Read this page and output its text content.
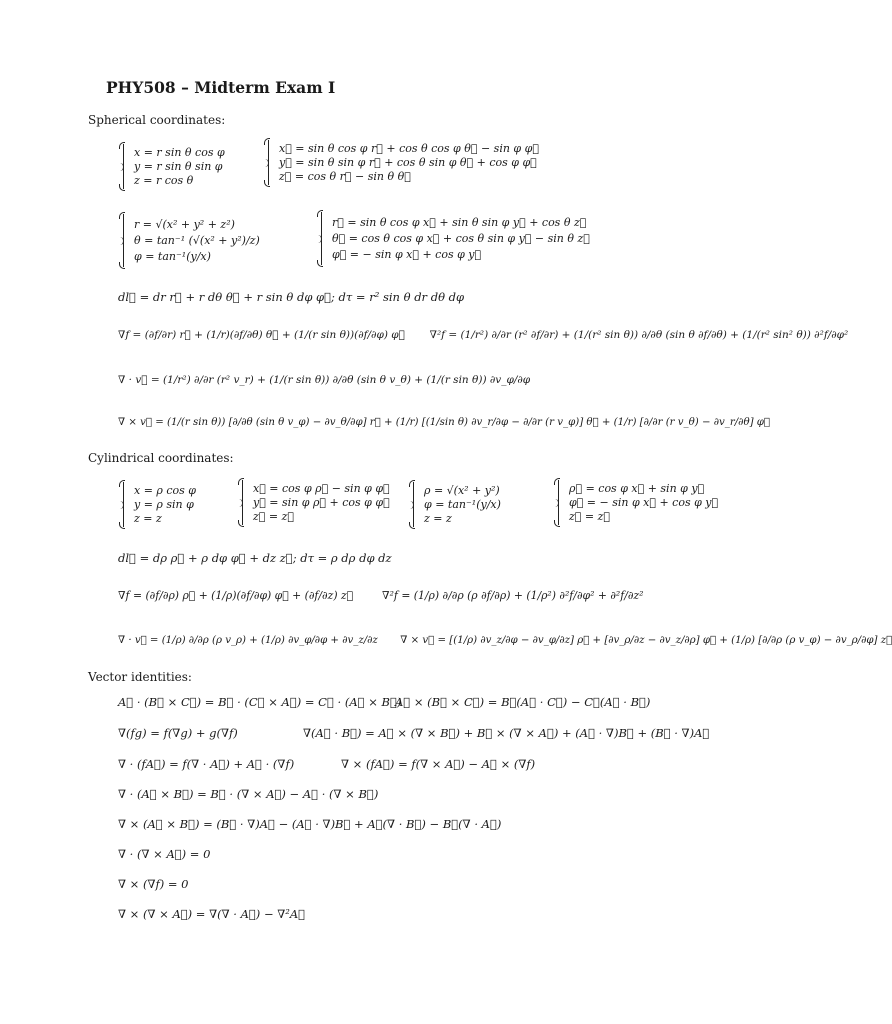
PHY508 – Midterm Exam I
Spherical coordinates:
x = r sin θ cos φ
y = r sin θ sin φ
z = r cos θ
x⃗ = sin θ cos φ r⃗ + cos θ cos φ θ⃗ − sin φ φ⃗
y⃗ = sin θ sin φ r⃗ + cos θ sin φ θ⃗ + cos φ φ⃗
z⃗ = cos θ r⃗ − sin θ θ⃗
r = √(x² + y² + z²)
θ = tan⁻¹ (√(x² + y²)/z)
φ = tan⁻¹(y/x)
r⃗ = sin θ cos φ x⃗ + sin θ sin φ y⃗ + cos θ z⃗
θ⃗ = cos θ cos φ x⃗ + cos θ sin φ y⃗ − sin θ z⃗
φ⃗ = − sin φ x⃗ + cos φ y⃗
dl⃗ = dr r⃗ + r dθ θ⃗ + r sin θ dφ φ⃗; dτ = r² sin θ dr dθ dφ
∇f = (∂f/∂r) r⃗ + (1/r)(∂f/∂θ) θ⃗ + (1/(r sin θ))(∂f/∂φ) φ⃗ ∇²f = (1/r²) ∂/∂r (r² ∂f/∂r) + (1/(r² sin θ)) ∂/∂θ (sin θ ∂f/∂θ) + (1/(r² sin² θ)) ∂²f/∂φ²
∇ · v⃗ = (1/r²) ∂/∂r (r² v_r) + (1/(r sin θ)) ∂/∂θ (sin θ v_θ) + (1/(r sin θ)) ∂v_φ/∂φ
∇ × v⃗ = (1/(r sin θ)) [∂/∂θ (sin θ v_φ) − ∂v_θ/∂φ] r⃗ + (1/r) [(1/sin θ) ∂v_r/∂φ − ∂/∂r (r v_φ)] θ⃗ + (1/r) [∂/∂r (r v_θ) − ∂v_r/∂θ] φ⃗
Cylindrical coordinates:
x = ρ cos φ
y = ρ sin φ
z = z
x⃗ = cos φ ρ⃗ − sin φ φ⃗
y⃗ = sin φ ρ⃗ + cos φ φ⃗
z⃗ = z⃗
ρ = √(x² + y²)
φ = tan⁻¹(y/x)
z = z
ρ⃗ = cos φ x⃗ + sin φ y⃗
φ⃗ = − sin φ x⃗ + cos φ y⃗
z⃗ = z⃗
dl⃗ = dρ ρ⃗ + ρ dφ φ⃗ + dz z⃗; dτ = ρ dρ dφ dz
∇f = (∂f/∂ρ) ρ⃗ + (1/ρ)(∂f/∂φ) φ⃗ + (∂f/∂z) z⃗	∇²f = (1/ρ) ∂/∂ρ (ρ ∂f/∂ρ) + (1/ρ²) ∂²f/∂φ² + ∂²f/∂z²
∇ · v⃗ = (1/ρ) ∂/∂ρ (ρ v_ρ) + (1/ρ) ∂v_φ/∂φ + ∂v_z/∂z ∇ × v⃗ = [(1/ρ) ∂v_z/∂φ − ∂v_φ/∂z] ρ⃗ + [∂v_ρ/∂z − ∂v_z/∂ρ] φ⃗ + (1/ρ) [∂/∂ρ (ρ v_φ) − ∂v_ρ/∂φ] z⃗
Vector identities:
A⃗ · (B⃗ × C⃗) = B⃗ · (C⃗ × A⃗) = C⃗ · (A⃗ × B⃗)
A⃗ × (B⃗ × C⃗) = B⃗(A⃗ · C⃗) − C⃗(A⃗ · B⃗)
∇(fg) = f(∇g) + g(∇f)	∇(A⃗ · B⃗) = A⃗ × (∇ × B⃗) + B⃗ × (∇ × A⃗) + (A⃗ · ∇)B⃗ + (B⃗ · ∇)A⃗
∇ · (fA⃗) = f(∇ · A⃗) + A⃗ · (∇f)	∇ × (fA⃗) = f(∇ × A⃗) − A⃗ × (∇f)
∇ · (A⃗ × B⃗) = B⃗ · (∇ × A⃗) − A⃗ · (∇ × B⃗)
∇ × (A⃗ × B⃗) = (B⃗ · ∇)A⃗ − (A⃗ · ∇)B⃗ + A⃗(∇ · B⃗) − B⃗(∇ · A⃗)
∇ · (∇ × A⃗) = 0
∇ × (∇f) = 0
∇ × (∇ × A⃗) = ∇(∇ · A⃗) − ∇²A⃗
